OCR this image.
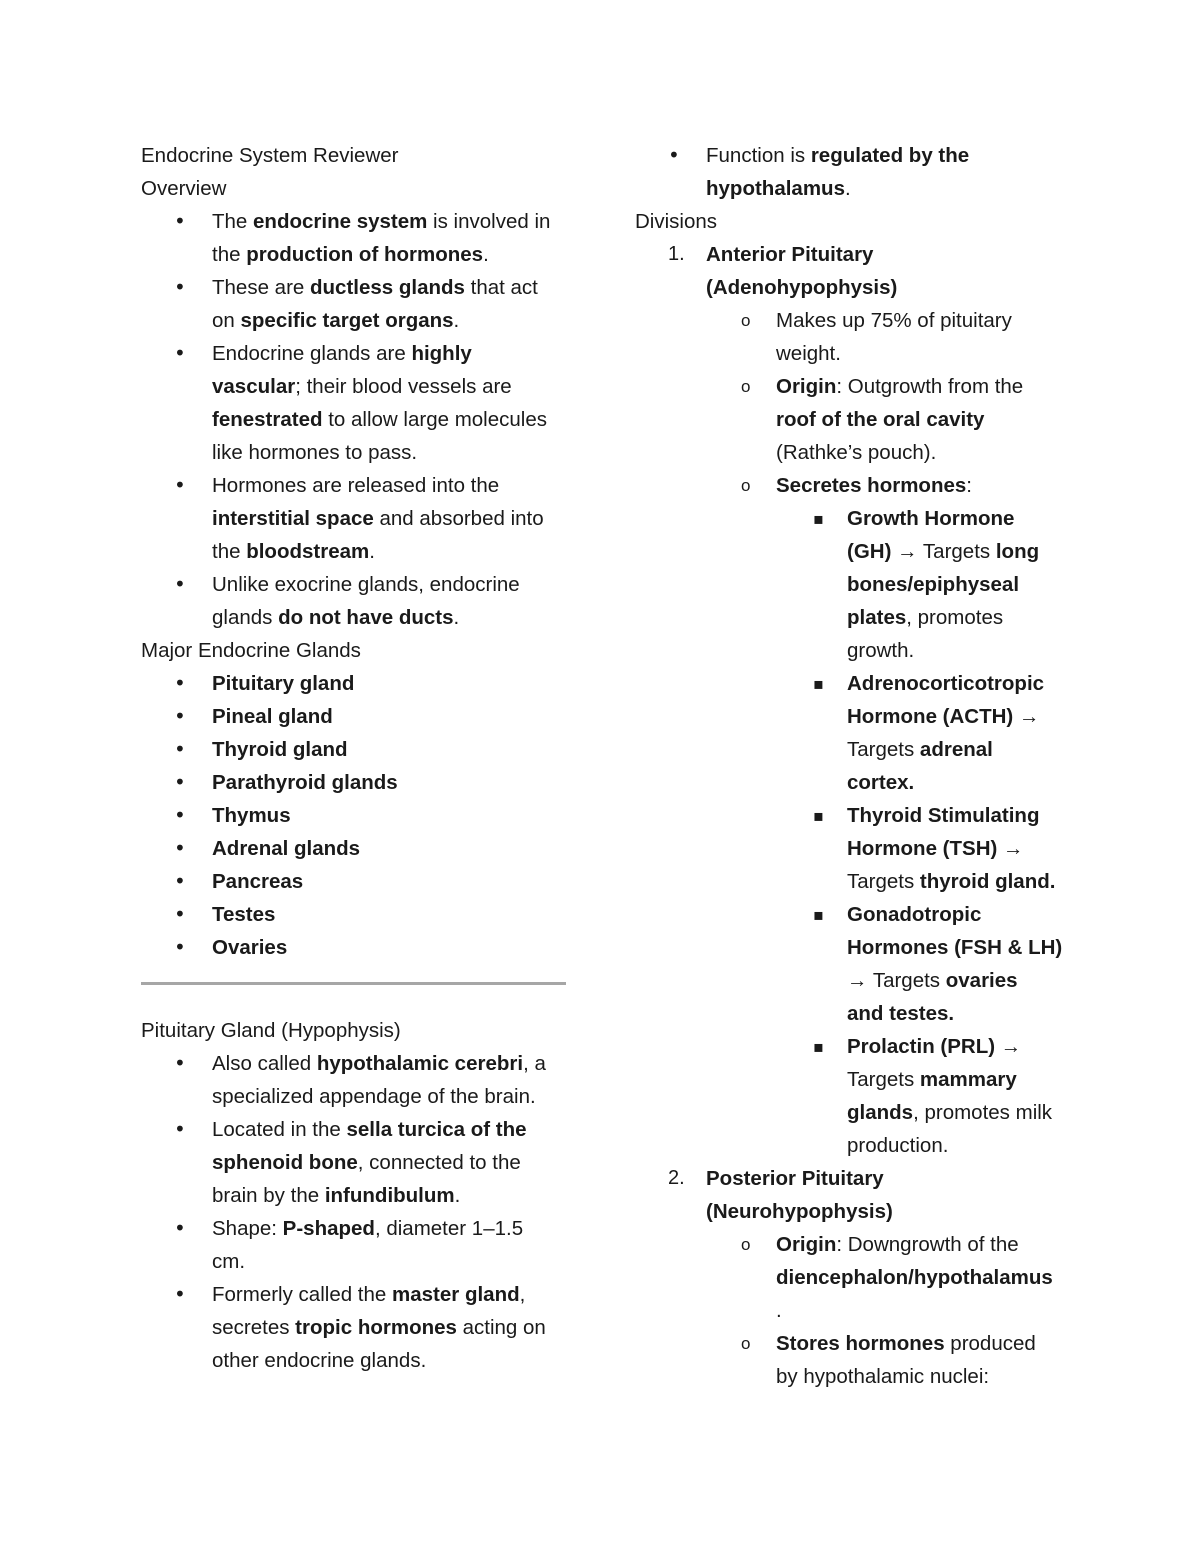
Endocrine System Reviewer
Overview
• The endocrine system is involved in
the production of hormones.
• These are ductless glands that act
on specific target organs.
• Endocrine glands are highly
vascular; their blood vessels are
fenestrated to allow large molecules
like hormones to pass.
• Hormones are released into the
interstitial space and absorbed into
the bloodstream.
• Unlike exocrine glands, endocrine
glands do not have ducts.
Major Endocrine Glands
• Pituitary gland
• Pineal gland
• Thyroid gland
• Parathyroid glands
• Thymus
• Adrenal glands
• Pancreas
• Testes
• Ovaries
Pituitary Gland (Hypophysis)
• Also called hypothalamic cerebri, a
specialized appendage of the brain.
• Located in the sella turcica of the
sphenoid bone, connected to the
brain by the infundibulum.
• Shape: P-shaped, diameter 1–1.5
cm.
• Formerly called the master gland,
secretes tropic hormones acting on
other endocrine glands.
• Function is regulated by the
hypothalamus.
Divisions
1. Anterior Pituitary
(Adenohypophysis)
o Makes up 75% of pituitary
weight.
o Origin: Outgrowth from the
roof of the oral cavity
(Rathke’s pouch).
o Secretes hormones:
▪ Growth Hormone
(GH) → Targets long
bones/epiphyseal
plates, promotes
growth.
▪ Adrenocorticotropic
Hormone (ACTH) →
Targets adrenal
cortex.
▪ Thyroid Stimulating
Hormone (TSH) →
Targets thyroid gland.
▪ Gonadotropic
Hormones (FSH & LH)
→ Targets ovaries
and testes.
▪ Prolactin (PRL) →
Targets mammary
glands, promotes milk
production.
2. Posterior Pituitary
(Neurohypophysis)
o Origin: Downgrowth of the
diencephalon/hypothalamus
.
o Stores hormones produced
by hypothalamic nuclei:
